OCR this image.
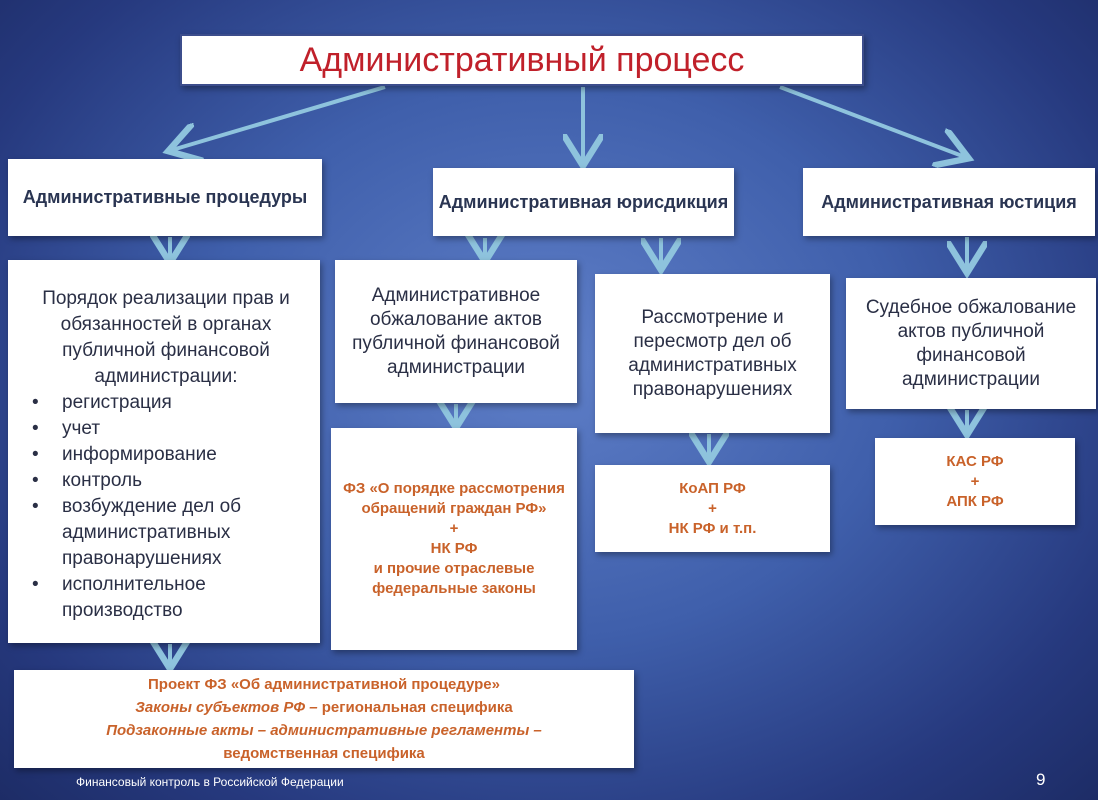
Административный процесс
Административные процедуры	Административная юрисдикция	Административная юстиция
Порядок реализации прав и обязанностей в органах публичной финансовой администрации:
• регистрация
• учет
• информирование
• контроль
• возбуждение дел об административных правонарушениях
• исполнительное производство
Административное обжалование актов публичной финансовой администрации
Рассмотрение и пересмотр дел об административных правонарушениях
Судебное обжалование актов публичной финансовой администрации
ФЗ «О порядке рассмотрения обращений граждан РФ»
+
НК РФ
и прочие отраслевые федеральные законы
КоАП РФ
+
НК РФ и т.п.
КАС РФ
+
АПК РФ
Проект ФЗ «Об административной процедуре»
Законы субъектов РФ – региональная специфика
Подзаконные акты – административные регламенты –
ведомственная специфика
Финансовый контроль в Российской Федерации	9
